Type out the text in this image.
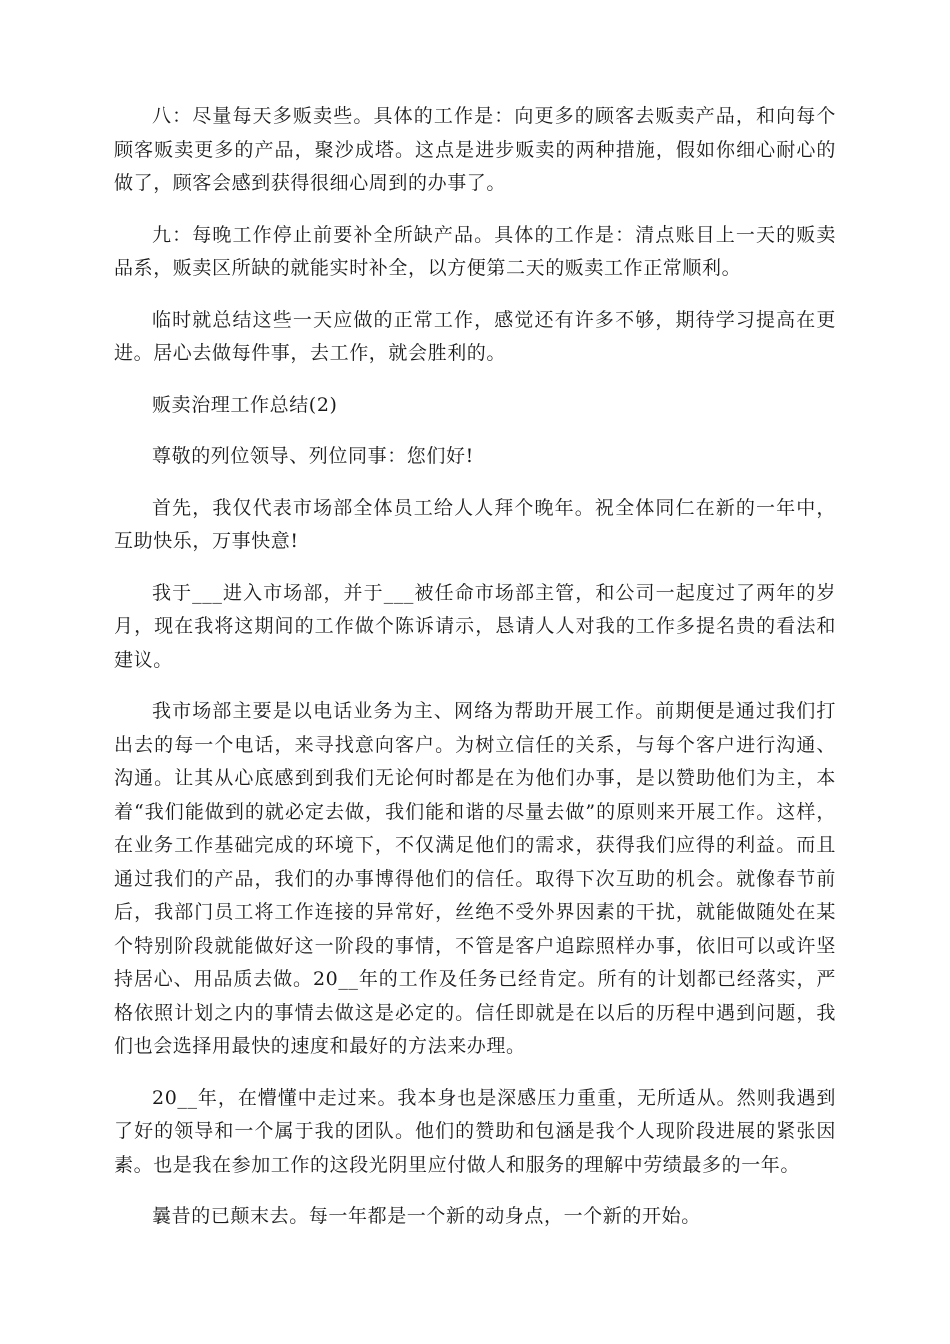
八：尽量每天多贩卖些。具体的工作是：向更多的顾客去贩卖产品，和向每个顾客贩卖更多的产品，聚沙成塔。这点是进步贩卖的两种措施，假如你细心耐心的做了，顾客会感到获得很细心周到的办事了。

九：每晚工作停止前要补全所缺产品。具体的工作是：清点账目上一天的贩卖品系，贩卖区所缺的就能实时补全，以方便第二天的贩卖工作正常顺利。

临时就总结这些一天应做的正常工作，感觉还有许多不够，期待学习提高在更进。居心去做每件事，去工作，就会胜利的。

贩卖治理工作总结(2)

尊敬的列位领导、列位同事：您们好!

首先，我仅代表市场部全体员工给人人拜个晚年。祝全体同仁在新的一年中，互助快乐，万事快意!

我于___进入市场部，并于___被任命市场部主管，和公司一起度过了两年的岁月，现在我将这期间的工作做个陈诉请示，恳请人人对我的工作多提名贵的看法和建议。

我市场部主要是以电话业务为主、网络为帮助开展工作。前期便是通过我们打出去的每一个电话，来寻找意向客户。为树立信任的关系，与每个客户进行沟通、沟通。让其从心底感到到我们无论何时都是在为他们办事，是以赞助他们为主，本着“我们能做到的就必定去做，我们能和谐的尽量去做”的原则来开展工作。这样，在业务工作基础完成的环境下，不仅满足他们的需求，获得我们应得的利益。而且通过我们的产品，我们的办事博得他们的信任。取得下次互助的机会。就像春节前后，我部门员工将工作连接的异常好，丝绝不受外界因素的干扰，就能做随处在某个特别阶段就能做好这一阶段的事情，不管是客户追踪照样办事，依旧可以或许坚持居心、用品质去做。20__年的工作及任务已经肯定。所有的计划都已经落实，严格依照计划之内的事情去做这是必定的。信任即就是在以后的历程中遇到问题，我们也会选择用最快的速度和最好的方法来办理。

20__年，在懵懂中走过来。我本身也是深感压力重重，无所适从。然则我遇到了好的领导和一个属于我的团队。他们的赞助和包涵是我个人现阶段进展的紧张因素。也是我在参加工作的这段光阴里应付做人和服务的理解中劳绩最多的一年。

曩昔的已颠末去。每一年都是一个新的动身点，一个新的开始。
